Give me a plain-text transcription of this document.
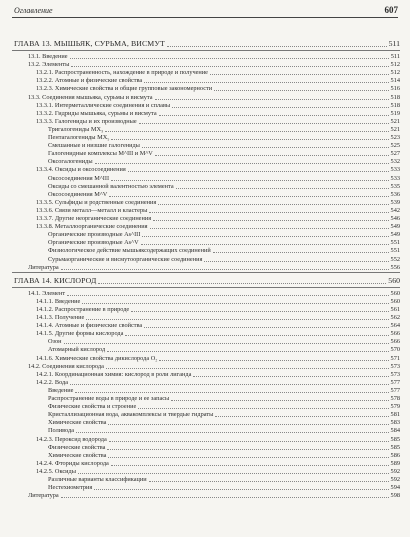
Оглавление	607
ГЛАВА 13. МЫШЬЯК, СУРЬМА, ВИСМУТ	511
13.1. Введение	511
13.2. Элементы	512
13.2.1. Распространенность, нахождение в природе и получение	512
13.2.2. Атомные и физические свойства	514
13.2.3. Химические свойства и общие групповые закономерности	516
13.3. Соединения мышьяка, сурьмы и висмута	518
13.3.1. Интерметаллические соединения и сплавы	518
13.3.2. Гидриды мышьяка, сурьмы и висмута	519
13.3.3. Галогениды и их производные	521
Тригалогениды MX₃	521
Пентагалогениды MX₅	523
Смешанные и низшие галогениды	525
Галогенидные комплексы M^III и M^V	527
Оксогалогениды	532
13.3.4. Оксиды и оксосоединения	533
Оксосоединения M^III	533
Оксиды со смешанной валентностью элемента	535
Оксосоединения M^V	536
13.3.5. Сульфиды и родственные соединения	539
13.3.6. Связи металл—металл и кластеры	542
13.3.7. Другие неорганические соединения	546
13.3.8. Металлоорганические соединения	549
Органические производные As^III	549
Органические производные As^V	551
Физиологическое действие мышьяксодержащих соединений	551
Сурьмаорганические и висмутоорганические соединения	552
Литература	556
ГЛАВА 14. КИСЛОРОД	560
14.1. Элемент	560
14.1.1. Введение	560
14.1.2. Распространение в природе	561
14.1.3. Получение	562
14.1.4. Атомные и физические свойства	564
14.1.5. Другие формы кислорода	566
Озон	566
Атомарный кислород	570
14.1.6. Химические свойства дикислорода O₂	571
14.2. Соединения кислорода	573
14.2.1. Координационная химия: кислород в роли лиганда	573
14.2.2. Вода	577
Введение	577
Распространение воды в природе и ее запасы	578
Физические свойства и строение	579
Кристаллизационная вода, аквакомплексы и твердые гидраты	581
Химические свойства	583
Поливодa	584
14.2.3. Пероксид водорода	585
Физические свойства	585
Химические свойства	586
14.2.4. Фториды кислорода	589
14.2.5. Оксиды	592
Различные варианты классификации	592
Нестехиометрия	594
Литература	598
